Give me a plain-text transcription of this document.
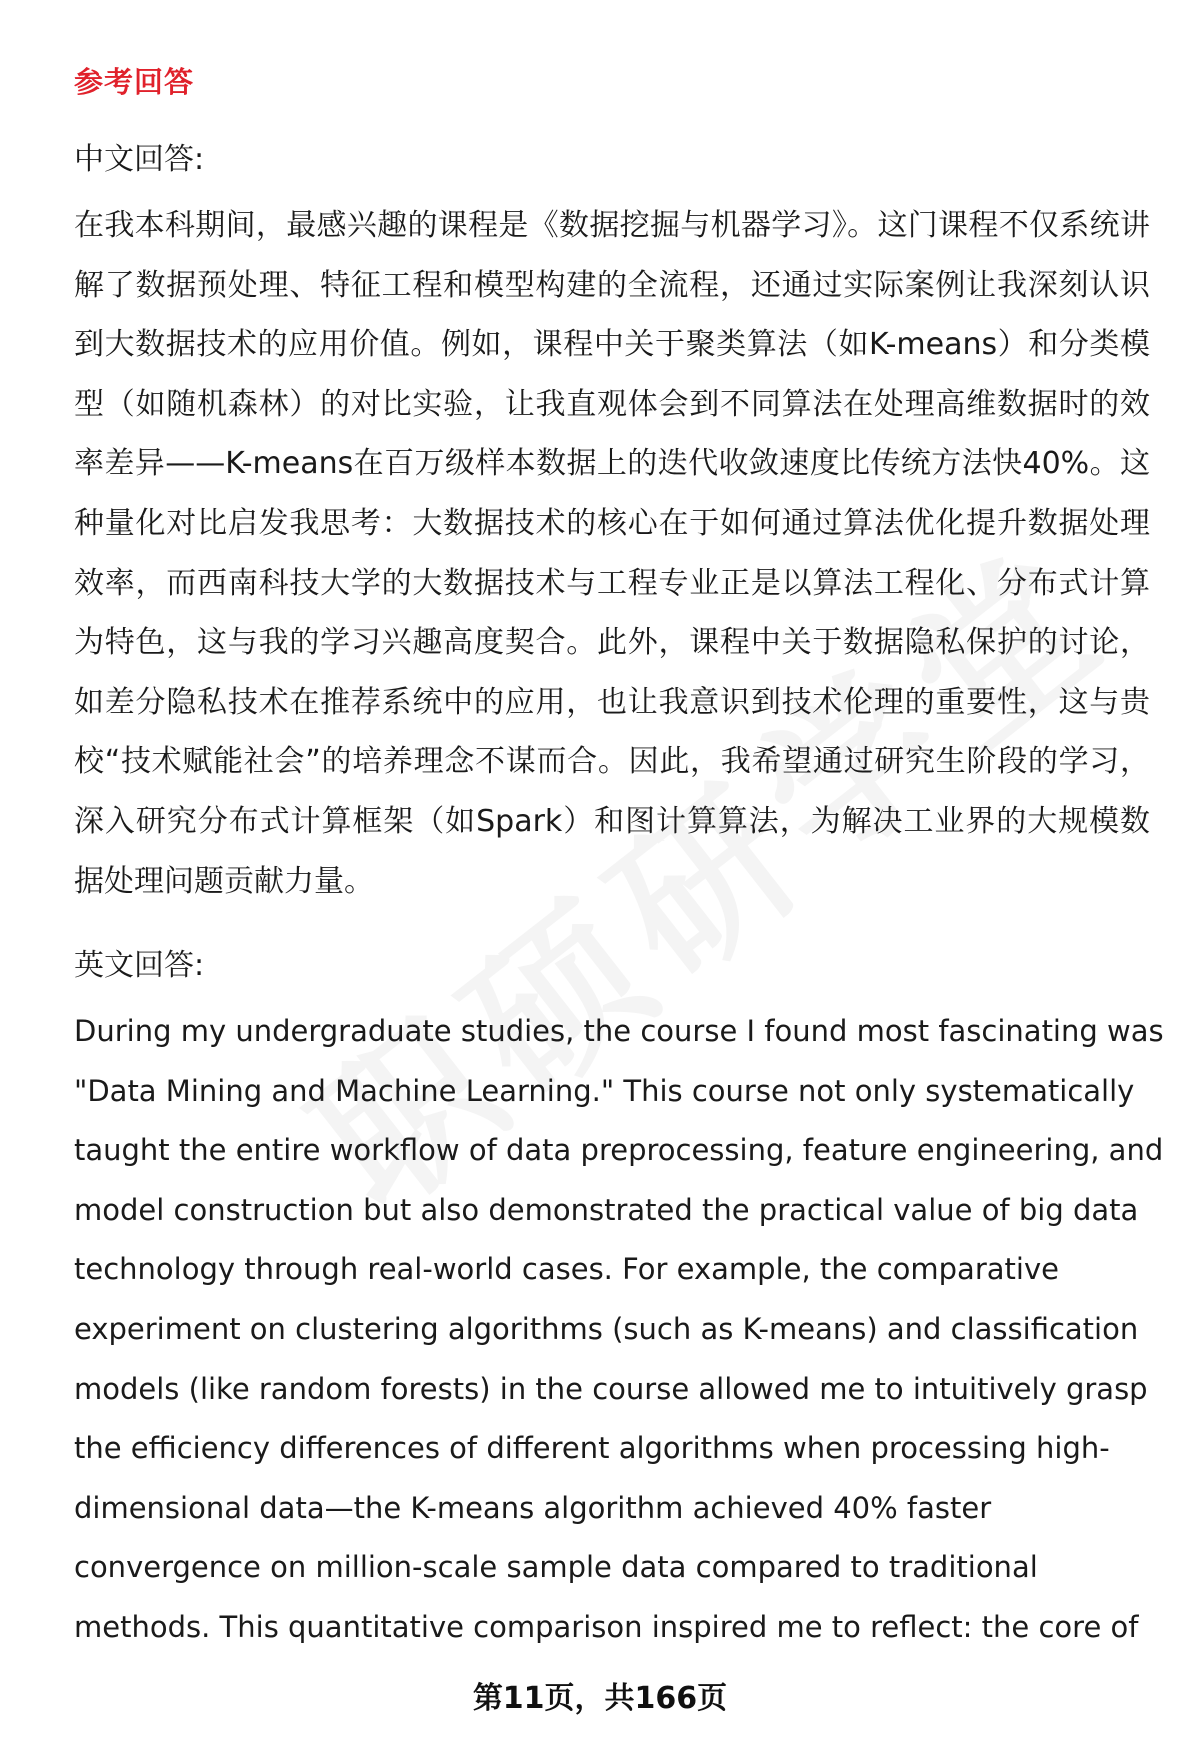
参考回答
中文回答:
在我本科期间，最感兴趣的课程是《数据挖掘与机器学习》。这门课程不仅系统讲解了数据预处理、特征工程和模型构建的全流程，还通过实际案例让我深刻认识到大数据技术的应用价值。例如，课程中关于聚类算法（如K-means）和分类模型（如随机森林）的对比实验，让我直观体会到不同算法在处理高维数据时的效率差异——K-means在百万级样本数据上的迭代收敛速度比传统方法快40%。这种量化对比启发我思考：大数据技术的核心在于如何通过算法优化提升数据处理效率，而西南科技大学的大数据技术与工程专业正是以算法工程化、分布式计算为特色，这与我的学习兴趣高度契合。此外，课程中关于数据隐私保护的讨论，如差分隐私技术在推荐系统中的应用，也让我意识到技术伦理的重要性，这与贵校“技术赋能社会”的培养理念不谋而合。因此，我希望通过研究生阶段的学习，深入研究分布式计算框架（如Spark）和图计算算法，为解决工业界的大规模数据处理问题贡献力量。
英文回答:
During my undergraduate studies, the course I found most fascinating was
"Data Mining and Machine Learning." This course not only systematically
taught the entire workflow of data preprocessing, feature engineering, and
model construction but also demonstrated the practical value of big data
technology through real-world cases. For example, the comparative
experiment on clustering algorithms (such as K-means) and classification
models (like random forests) in the course allowed me to intuitively grasp
the efficiency differences of different algorithms when processing high-
dimensional data—the K-means algorithm achieved 40% faster
convergence on million-scale sample data compared to traditional
methods. This quantitative comparison inspired me to reflect: the core of
第11页，共166页
